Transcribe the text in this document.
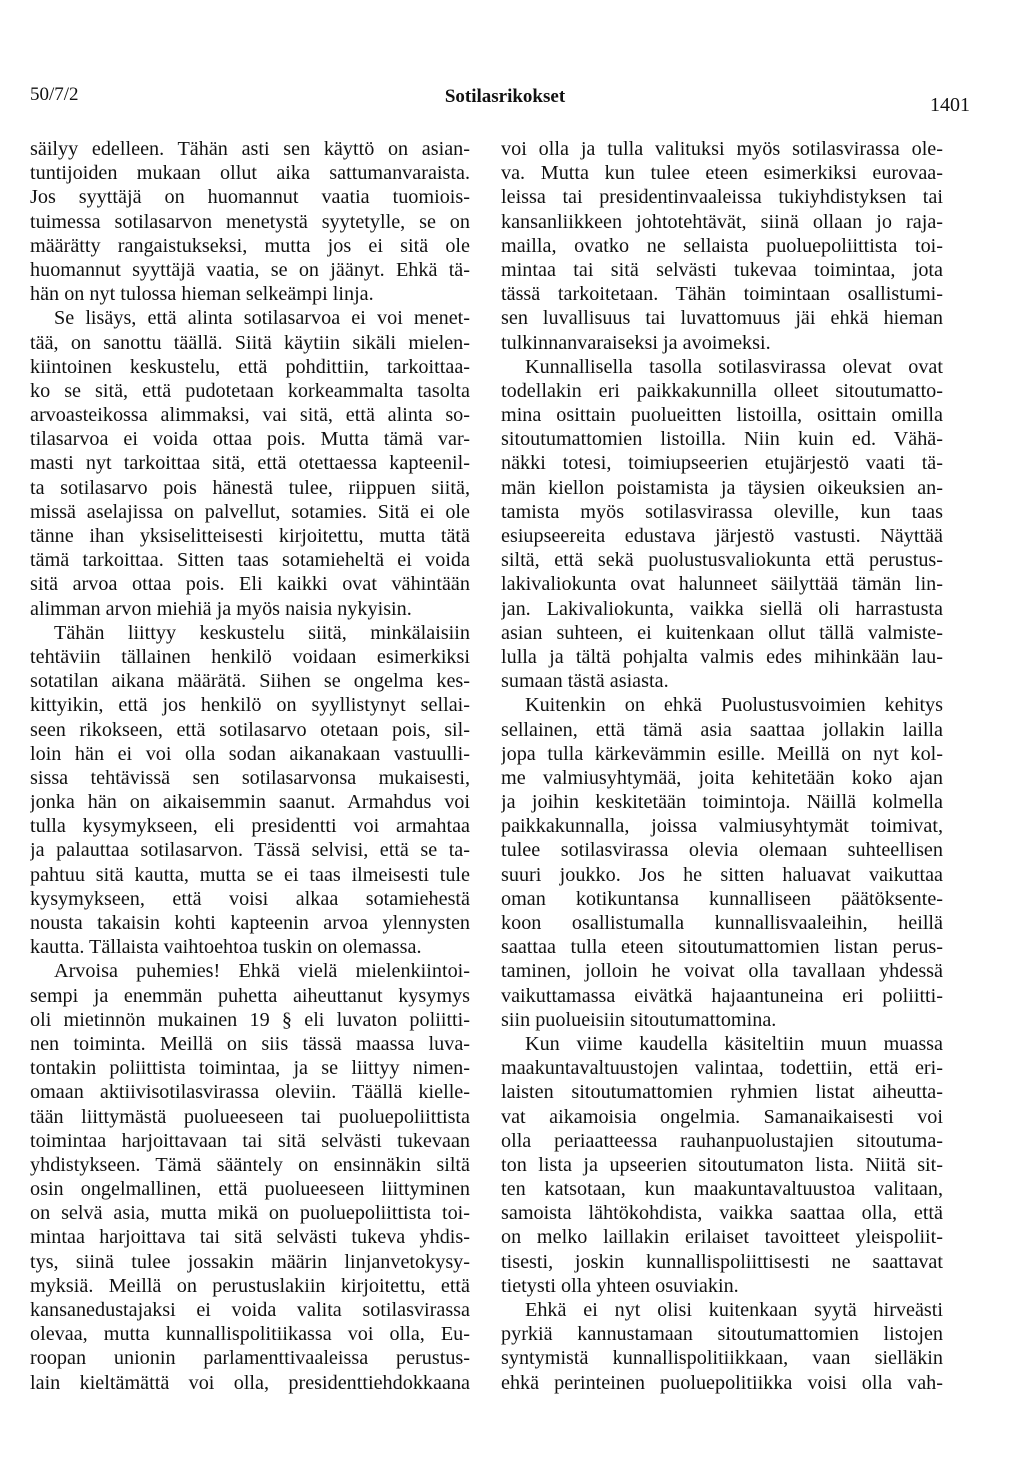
50/7/2	Sotilasrikokset	1401
säilyy edelleen. Tähän asti sen käyttö on asian-
tuntijoiden mukaan ollut aika sattumanvaraista.
Jos syyttäjä on huomannut vaatia tuomiois-
tuimessa sotilasarvon menetystä syytetylle, se on
määrätty rangaistukseksi, mutta jos ei sitä ole
huomannut syyttäjä vaatia, se on jäänyt. Ehkä tä-
hän on nyt tulossa hieman selkeämpi linja.
Se lisäys, että alinta sotilasarvoa ei voi menet-
tää, on sanottu täällä. Siitä käytiin sikäli mielen-
kiintoinen keskustelu, että pohdittiin, tarkoittaa-
ko se sitä, että pudotetaan korkeammalta tasolta
arvoasteikossa alimmaksi, vai sitä, että alinta so-
tilasarvoa ei voida ottaa pois. Mutta tämä var-
masti nyt tarkoittaa sitä, että otettaessa kapteenil-
ta sotilasarvo pois hänestä tulee, riippuen siitä,
missä aselajissa on palvellut, sotamies. Sitä ei ole
tänne ihan yksiselitteisesti kirjoitettu, mutta tätä
tämä tarkoittaa. Sitten taas sotamieheltä ei voida
sitä arvoa ottaa pois. Eli kaikki ovat vähintään
alimman arvon miehiä ja myös naisia nykyisin.
Tähän liittyy keskustelu siitä, minkälaisiin
tehtäviin tällainen henkilö voidaan esimerkiksi
sotatilan aikana määrätä. Siihen se ongelma kes-
kittyikin, että jos henkilö on syyllistynyt sellai-
seen rikokseen, että sotilasarvo otetaan pois, sil-
loin hän ei voi olla sodan aikanakaan vastuulli-
sissa tehtävissä sen sotilasarvonsa mukaisesti,
jonka hän on aikaisemmin saanut. Armahdus voi
tulla kysymykseen, eli presidentti voi armahtaa
ja palauttaa sotilasarvon. Tässä selvisi, että se ta-
pahtuu sitä kautta, mutta se ei taas ilmeisesti tule
kysymykseen, että voisi alkaa sotamiehestä
nousta takaisin kohti kapteenin arvoa ylennysten
kautta. Tällaista vaihtoehtoa tuskin on olemassa.
Arvoisa puhemies! Ehkä vielä mielenkiintoi-
sempi ja enemmän puhetta aiheuttanut kysymys
oli mietinnön mukainen 19 § eli luvaton poliitti-
nen toiminta. Meillä on siis tässä maassa luva-
tontakin poliittista toimintaa, ja se liittyy nimen-
omaan aktiivisotilasvirassa oleviin. Täällä kielle-
tään liittymästä puolueeseen tai puoluepoliittista
toimintaa harjoittavaan tai sitä selvästi tukevaan
yhdistykseen. Tämä sääntely on ensinnäkin siltä
osin ongelmallinen, että puolueeseen liittyminen
on selvä asia, mutta mikä on puoluepoliittista toi-
mintaa harjoittava tai sitä selvästi tukeva yhdis-
tys, siinä tulee jossakin määrin linjanvetokysy-
myksiä. Meillä on perustuslakiin kirjoitettu, että
kansanedustajaksi ei voida valita sotilasvirassa
olevaa, mutta kunnallispolitiikassa voi olla, Eu-
roopan unionin parlamenttivaaleissa perustus-
lain kieltämättä voi olla, presidenttiehdokkaana
voi olla ja tulla valituksi myös sotilasvirassa ole-
va. Mutta kun tulee eteen esimerkiksi eurovaa-
leissa tai presidentinvaaleissa tukiyhdistyksen tai
kansanliikkeen johtotehtävät, siinä ollaan jo raja-
mailla, ovatko ne sellaista puoluepoliittista toi-
mintaa tai sitä selvästi tukevaa toimintaa, jota
tässä tarkoitetaan. Tähän toimintaan osallistumi-
sen luvallisuus tai luvattomuus jäi ehkä hieman
tulkinnanvaraiseksi ja avoimeksi.
Kunnallisella tasolla sotilasvirassa olevat ovat
todellakin eri paikkakunnilla olleet sitoutumatto-
mina osittain puolueitten listoilla, osittain omilla
sitoutumattomien listoilla. Niin kuin ed. Vähä-
näkki totesi, toimiupseerien etujärjestö vaati tä-
män kiellon poistamista ja täysien oikeuksien an-
tamista myös sotilasvirassa oleville, kun taas
esiupseereita edustava järjestö vastusti. Näyttää
siltä, että sekä puolustusvaliokunta että perustus-
lakivaliokunta ovat halunneet säilyttää tämän lin-
jan. Lakivaliokunta, vaikka siellä oli harrastusta
asian suhteen, ei kuitenkaan ollut tällä valmiste-
lulla ja tältä pohjalta valmis edes mihinkään lau-
sumaan tästä asiasta.
Kuitenkin on ehkä Puolustusvoimien kehitys
sellainen, että tämä asia saattaa jollakin lailla
jopa tulla kärkevämmin esille. Meillä on nyt kol-
me valmiusyhtymää, joita kehitetään koko ajan
ja joihin keskitetään toimintoja. Näillä kolmella
paikkakunnalla, joissa valmiusyhtymät toimivat,
tulee sotilasvirassa olevia olemaan suhteellisen
suuri joukko. Jos he sitten haluavat vaikuttaa
oman kotikuntansa kunnalliseen päätöksente-
koon osallistumalla kunnallisvaaleihin, heillä
saattaa tulla eteen sitoutumattomien listan perus-
taminen, jolloin he voivat olla tavallaan yhdessä
vaikuttamassa eivätkä hajaantuneina eri poliitti-
siin puolueisiin sitoutumattomina.
Kun viime kaudella käsiteltiin muun muassa
maakuntavaltuustojen valintaa, todettiin, että eri-
laisten sitoutumattomien ryhmien listat aiheutta-
vat aikamoisia ongelmia. Samanaikaisesti voi
olla periaatteessa rauhanpuolustajien sitoutuma-
ton lista ja upseerien sitoutumaton lista. Niitä sit-
ten katsotaan, kun maakuntavaltuustoa valitaan,
samoista lähtökohdista, vaikka saattaa olla, että
on melko laillakin erilaiset tavoitteet yleispoliit-
tisesti, joskin kunnallispoliittisesti ne saattavat
tietysti olla yhteen osuviakin.
Ehkä ei nyt olisi kuitenkaan syytä hirveästi
pyrkiä kannustamaan sitoutumattomien listojen
syntymistä kunnallispolitiikkaan, vaan sielläkin
ehkä perinteinen puoluepolitiikka voisi olla vah-
